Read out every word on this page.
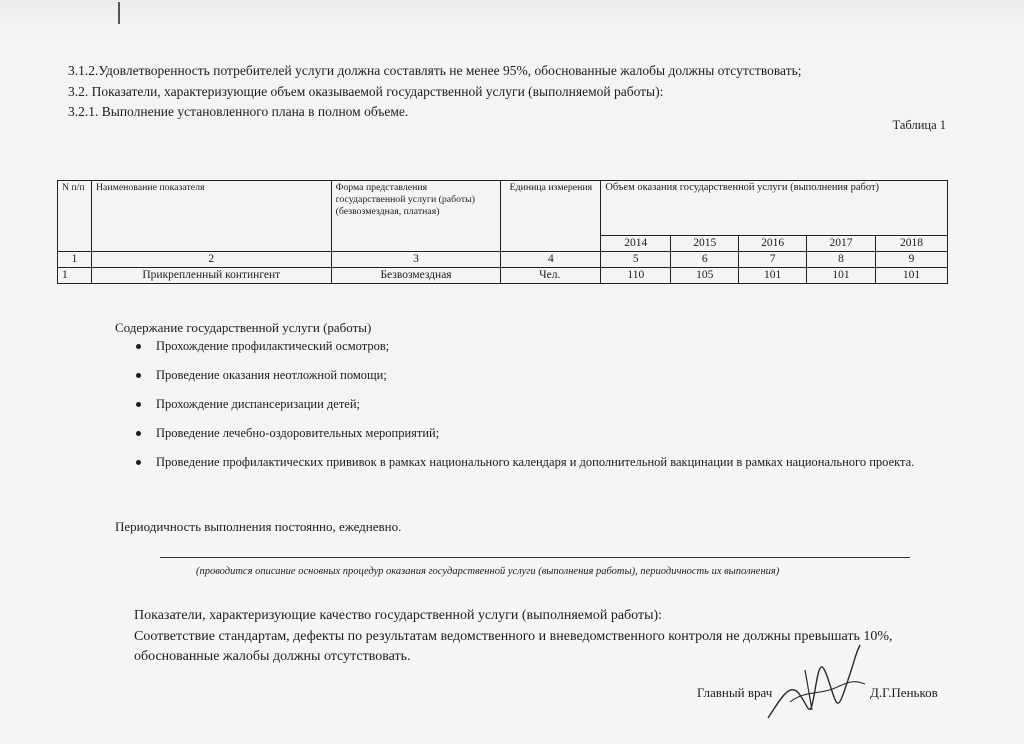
3.1.2.Удовлетворенность потребителей услуги должна составлять не менее 95%, обоснованные жалобы должны отсутствовать;
3.2. Показатели, характеризующие объем оказываемой государственной услуги (выполняемой работы):
3.2.1. Выполнение установленного плана в полном объеме.
Таблица 1
N п/п	Наименование показателя	Форма представления государственной услуги (работы) (безвозмездная, платная)	Единица измерения	Объем оказания государственной услуги (выполнения работ)				
				2014	2015	2016	2017	2018
1	2	3	4	5	6	7	8	9
1	Прикрепленный контингент	Безвозмездная	Чел.	110	105	101	101	101
Содержание государственной услуги (работы)
Прохождение профилактический осмотров;
Проведение оказания неотложной помощи;
Прохождение диспансеризации детей;
Проведение лечебно-оздоровительных мероприятий;
Проведение профилактических прививок в рамках национального календаря и дополнительной вакцинации в рамках национального проекта.
Периодичность выполнения постоянно, ежедневно.
(проводится описание основных процедур оказания государственной услуги (выполнения работы), периодичность их выполнения)
Показатели, характеризующие качество государственной услуги (выполняемой работы):
Соответствие стандартам, дефекты по результатам ведомственного и вневедомственного контроля не должны превышать 10%,
обоснованные жалобы должны отсутствовать.
Главный врач	Д.Г.Пеньков
